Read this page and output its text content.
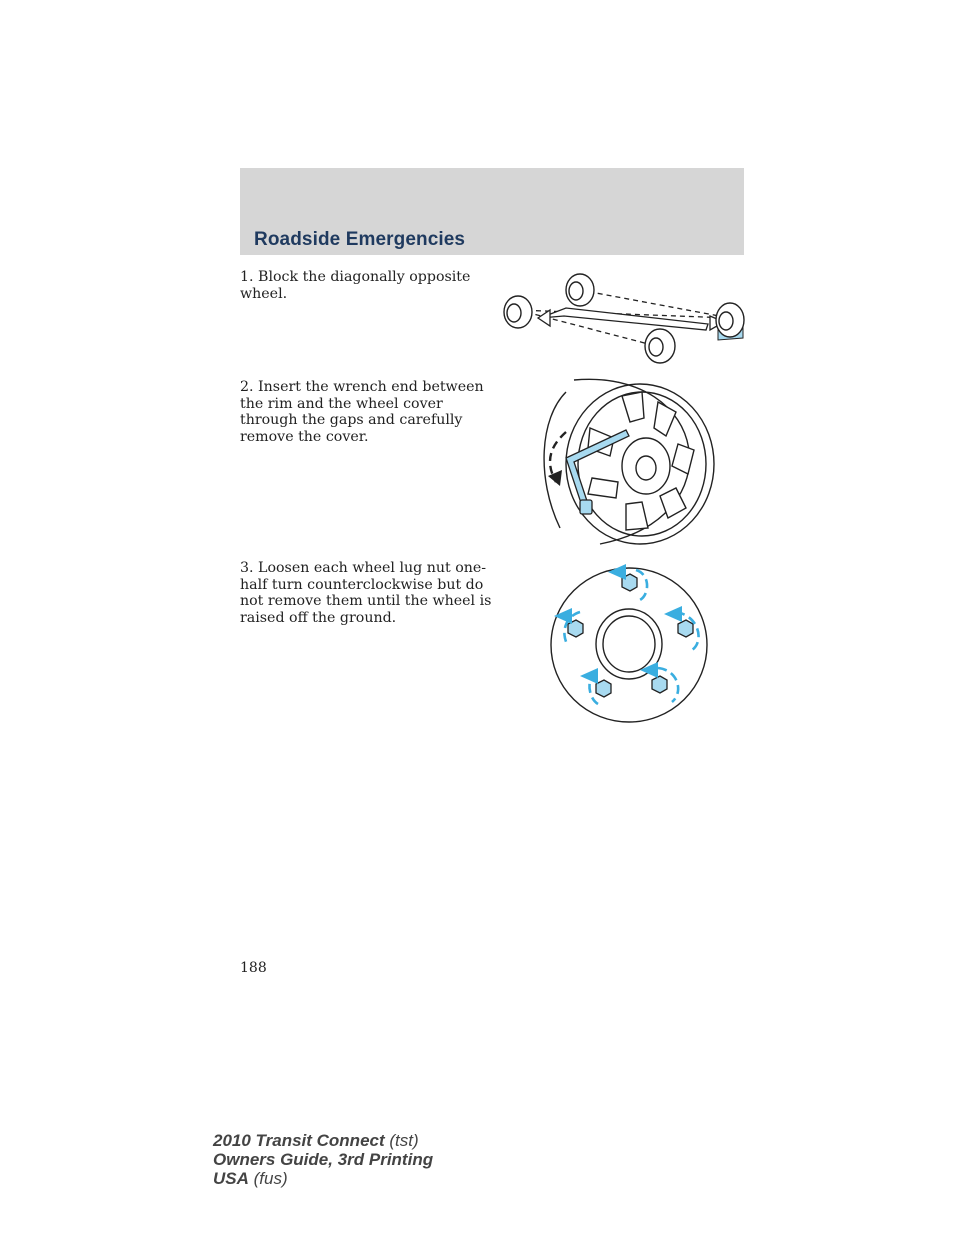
Roadside Emergencies

1. Block the diagonally opposite wheel.

2. Insert the wrench end between the rim and the wheel cover through the gaps and carefully remove the cover.

3. Loosen each wheel lug nut one-half turn counterclockwise but do not remove them until the wheel is raised off the ground.

188

2010 Transit Connect (tst)
Owners Guide, 3rd Printing
USA (fus)
